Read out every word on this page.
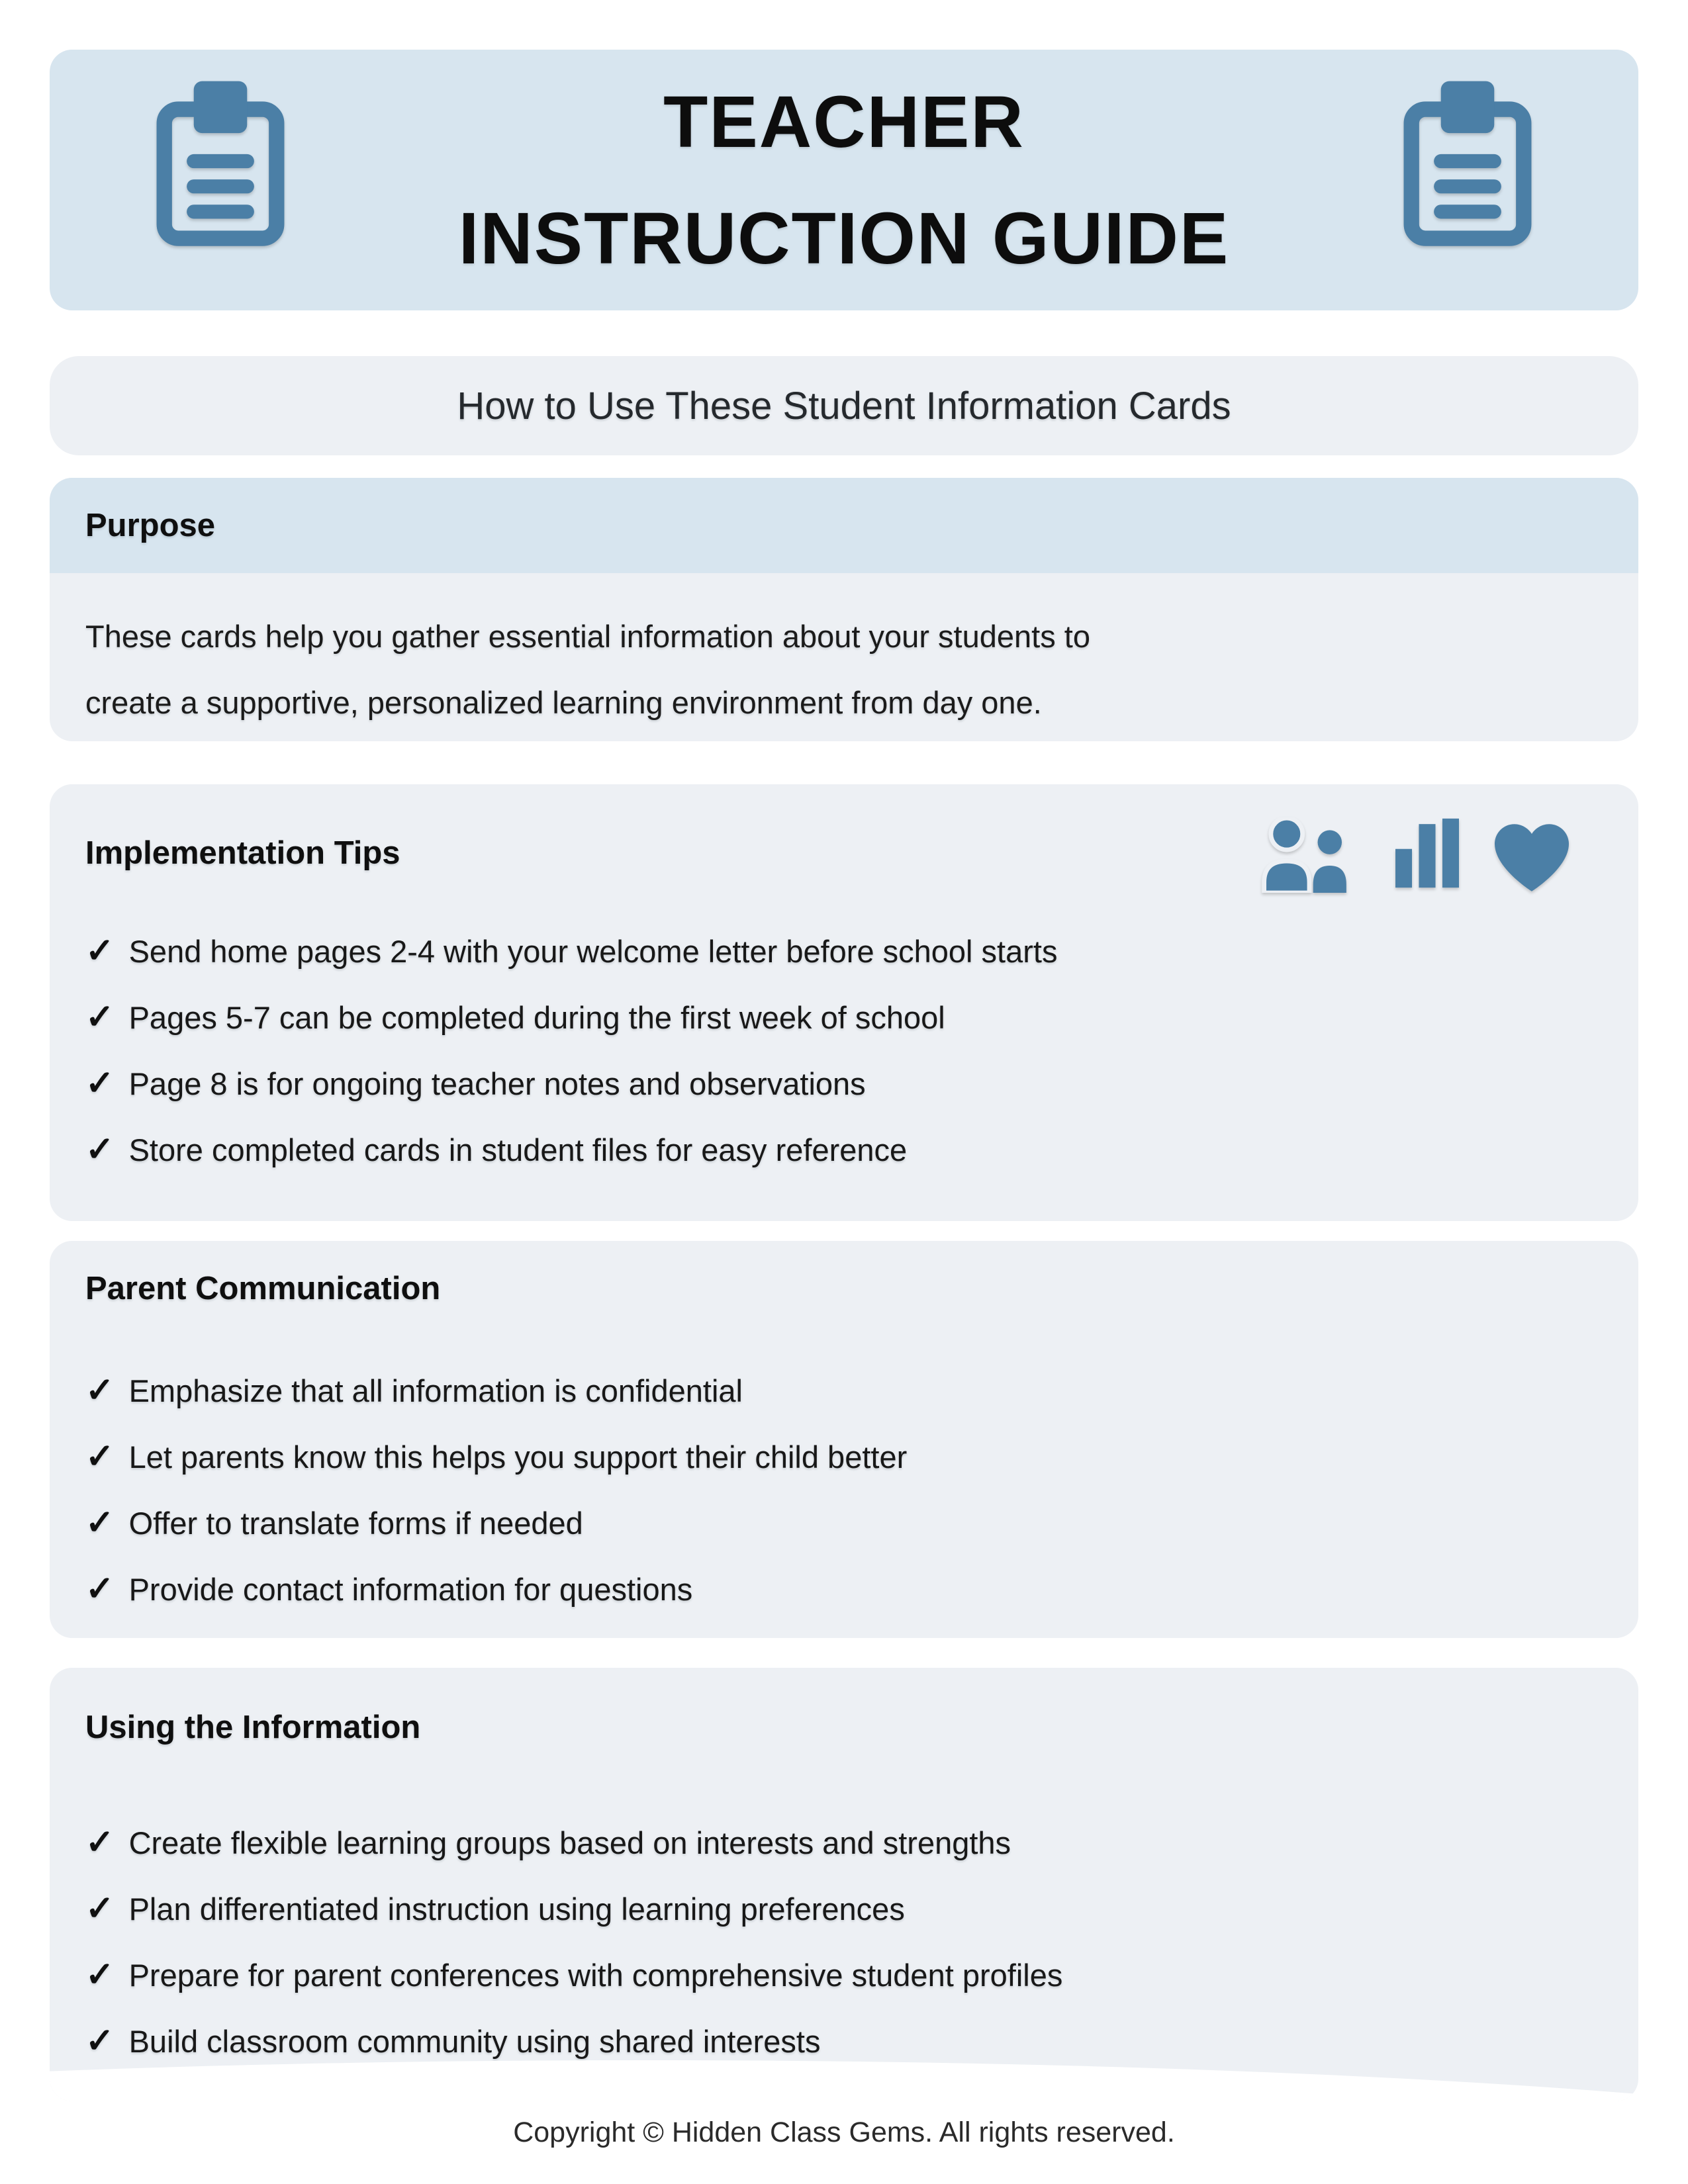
TEACHER
INSTRUCTION GUIDE
How to Use These Student Information Cards
Purpose

These cards help you gather essential information about your students to

create a supportive, personalized learning environment from day one.

Implementation Tips
✓ Send home pages 2-4 with your welcome letter before school starts
✓ Pages 5-7 can be completed during the first week of school
✓ Page 8 is for ongoing teacher notes and observations
✓ Store completed cards in student files for easy reference
Parent Communication
✓ Emphasize that all information is confidential
✓ Let parents know this helps you support their child better
✓ Offer to translate forms if needed
✓ Provide contact information for questions
Using the Information
✓ Create flexible learning groups based on interests and strengths
✓ Plan differentiated instruction using learning preferences
✓ Prepare for parent conferences with comprehensive student profiles
✓ Build classroom community using shared interests
Copyright © Hidden Class Gems. All rights reserved.
